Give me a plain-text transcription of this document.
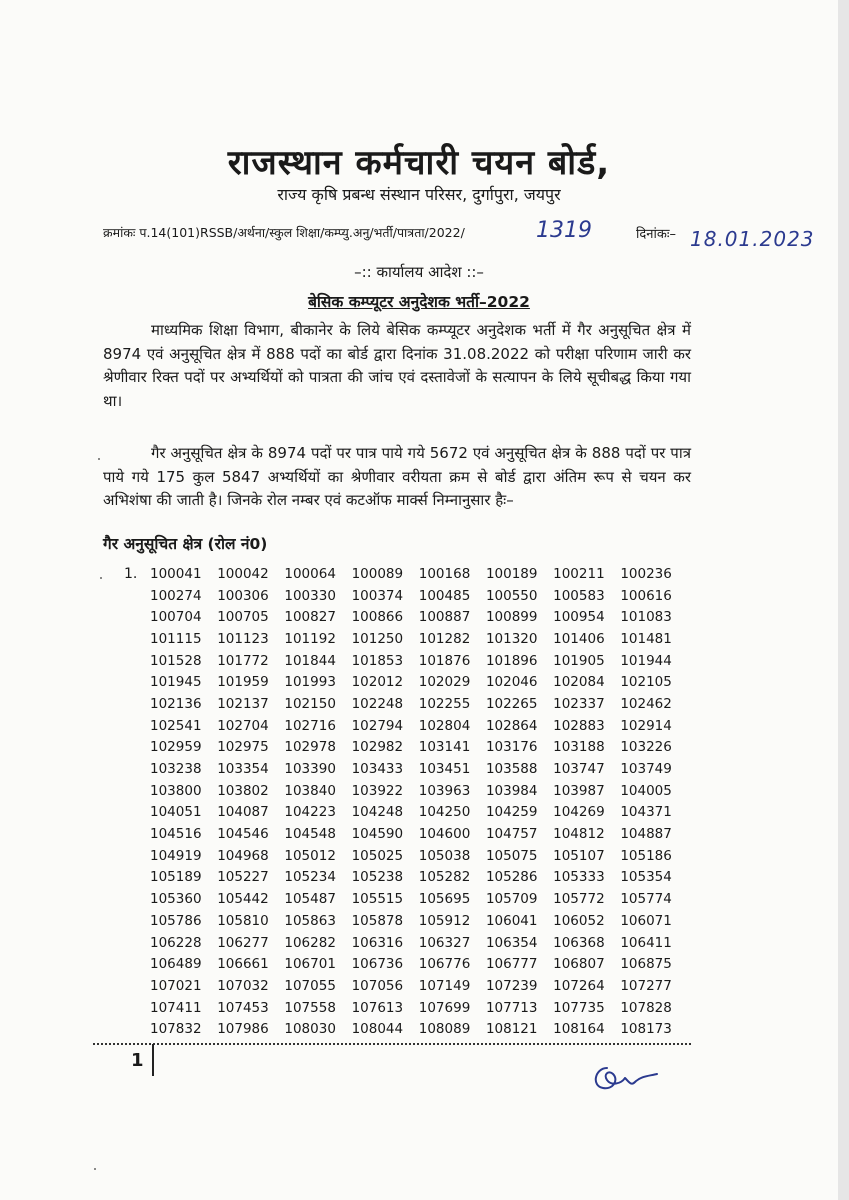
राजस्थान कर्मचारी चयन बोर्ड,
राज्य कृषि प्रबन्ध संस्थान परिसर, दुर्गापुरा, जयपुर
क्रमांकः प.14(101)RSSB/अर्थना/स्कुल शिक्षा/कम्प्यु.अनु/भर्ती/पात्रता/2022/	1319	दिनांकः– 18.01.2023
–:: कार्यालय आदेश ::–
बेसिक कम्प्यूटर अनुदेशक भर्ती–2022

माध्यमिक शिक्षा विभाग, बीकानेर के लिये बेसिक कम्प्यूटर अनुदेशक भर्ती में गैर अनुसूचित क्षेत्र में 8974 एवं अनुसूचित क्षेत्र में 888 पदों का बोर्ड द्वारा दिनांक 31.08.2022 को परीक्षा परिणाम जारी कर श्रेणीवार रिक्त पदों पर अभ्यर्थियों को पात्रता की जांच एवं दस्तावेजों के सत्यापन के लिये सूचीबद्ध किया गया था।

गैर अनुसूचित क्षेत्र के 8974 पदों पर पात्र पाये गये 5672 एवं अनुसूचित क्षेत्र के 888 पदों पर पात्र पाये गये 175 कुल 5847 अभ्यर्थियों का श्रेणीवार वरीयता क्रम से बोर्ड द्वारा अंतिम रूप से चयन कर अभिशंषा की जाती है। जिनके रोल नम्बर एवं कटऑफ मार्क्स निम्नानुसार हैः–

गैर अनुसूचित क्षेत्र (रोल नं0)
1. 100041	100042	100064	100089	100168	100189	100211	100236
100274	100306	100330	100374	100485	100550	100583	100616
100704	100705	100827	100866	100887	100899	100954	101083
101115	101123	101192	101250	101282	101320	101406	101481
101528	101772	101844	101853	101876	101896	101905	101944
101945	101959	101993	102012	102029	102046	102084	102105
102136	102137	102150	102248	102255	102265	102337	102462
102541	102704	102716	102794	102804	102864	102883	102914
102959	102975	102978	102982	103141	103176	103188	103226
103238	103354	103390	103433	103451	103588	103747	103749
103800	103802	103840	103922	103963	103984	103987	104005
104051	104087	104223	104248	104250	104259	104269	104371
104516	104546	104548	104590	104600	104757	104812	104887
104919	104968	105012	105025	105038	105075	105107	105186
105189	105227	105234	105238	105282	105286	105333	105354
105360	105442	105487	105515	105695	105709	105772	105774
105786	105810	105863	105878	105912	106041	106052	106071
106228	106277	106282	106316	106327	106354	106368	106411
106489	106661	106701	106736	106776	106777	106807	106875
107021	107032	107055	107056	107149	107239	107264	107277
107411	107453	107558	107613	107699	107713	107735	107828
107832	107986	108030	108044	108089	108121	108164	108173
1
